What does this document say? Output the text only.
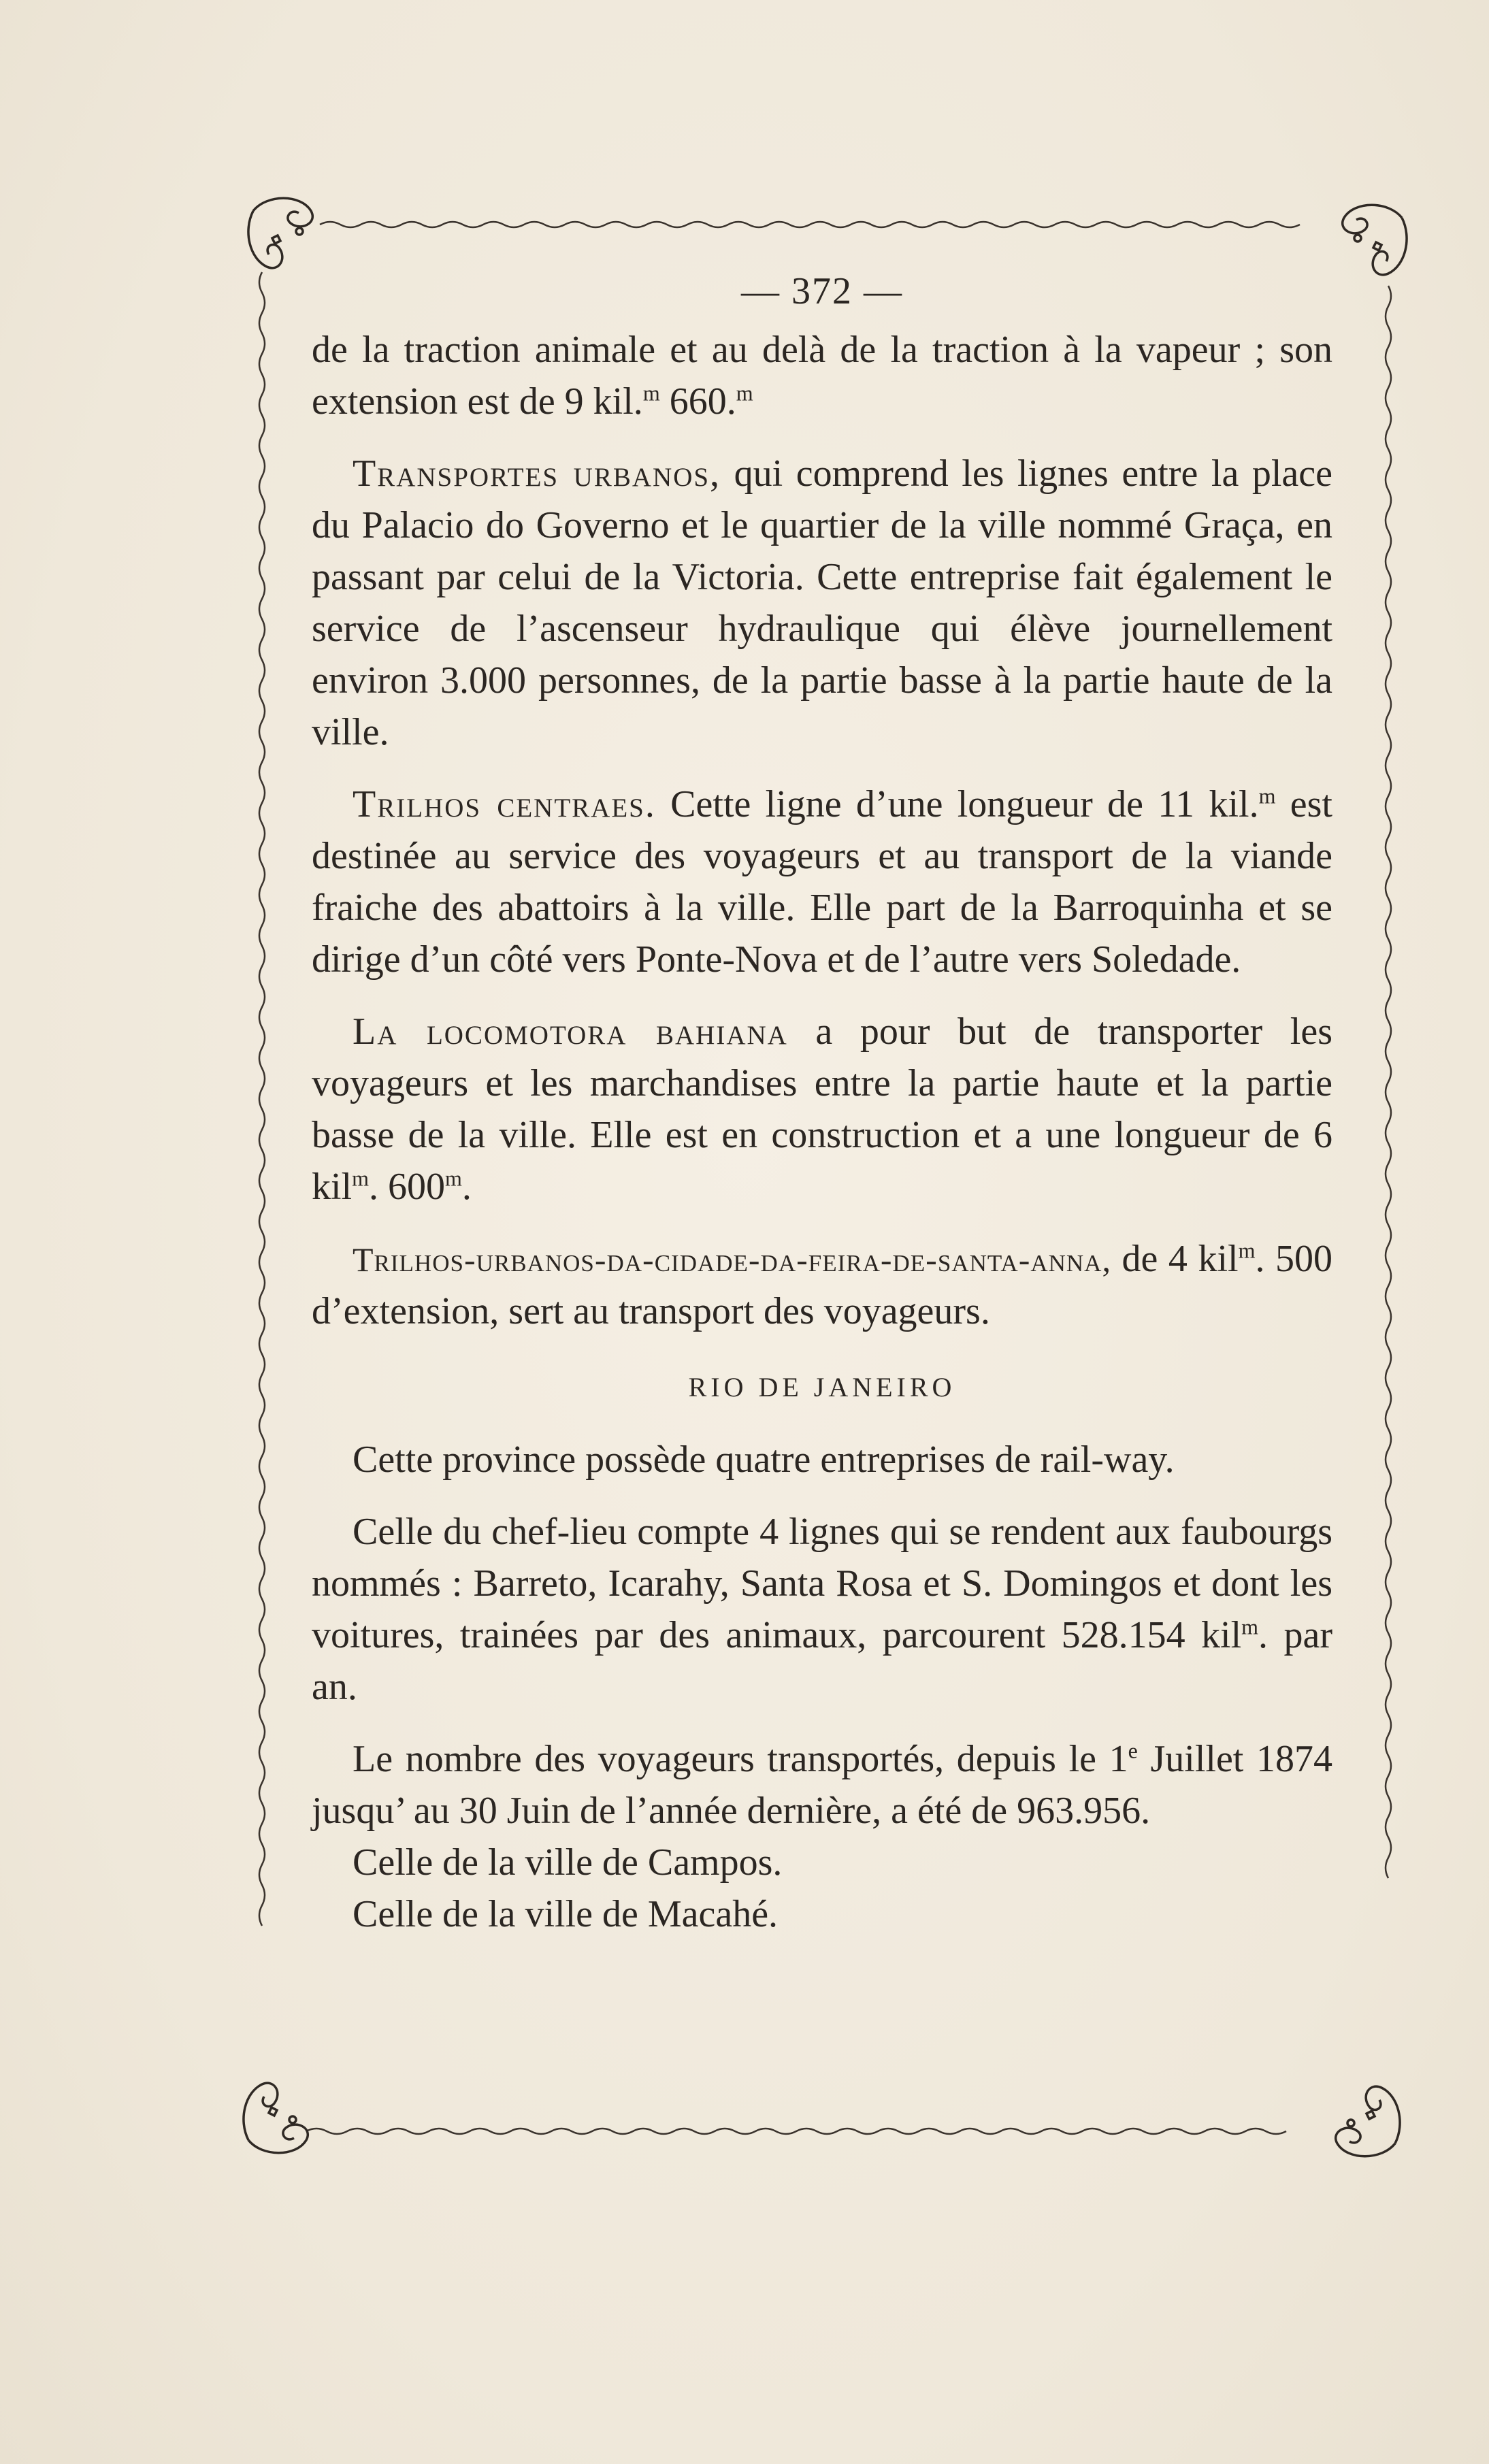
— 372 —

de la traction animale et au delà de la traction à la vapeur ; son extension est de 9 kil.$^m$ 660.$^m$

Transportes urbanos, qui comprend les lignes entre la place du Palacio do Governo et le quartier de la ville nommé Graça, en passant par celui de la Victoria. Cette entreprise fait également le service de l’ascenseur hydraulique qui élève journellement environ 3.000 personnes, de la partie basse à la partie haute de la ville.

Trilhos centraes. Cette ligne d’une longueur de 11 kil.$^m$ est destinée au service des voyageurs et au transport de la viande fraiche des abattoirs à la ville. Elle part de la Barroquinha et se dirige d’un côté vers Ponte-Nova et de l’autre vers Soledade.

La locomotora bahiana a pour but de transporter les voyageurs et les marchandises entre la partie haute et la partie basse de la ville. Elle est en construction et a une longueur de 6 kil$^m$. 600$^m$.

Trilhos-urbanos-da-cidade-da-feira-de-santa-anna, de 4 kil$^m$. 500 d’extension, sert au transport des voyageurs.

RIO DE JANEIRO

Cette province possède quatre entreprises de rail-way.

Celle du chef-lieu compte 4 lignes qui se rendent aux faubourgs nommés : Barreto, Icarahy, Santa Rosa et S. Domingos et dont les voitures, trainées par des animaux, parcourent 528.154 kil$^m$. par an.

Le nombre des voyageurs transportés, depuis le 1e Juillet 1874 jusqu’ au 30 Juin de l’année dernière, a été de 963.956.

Celle de la ville de Campos.

Celle de la ville de Macahé.
